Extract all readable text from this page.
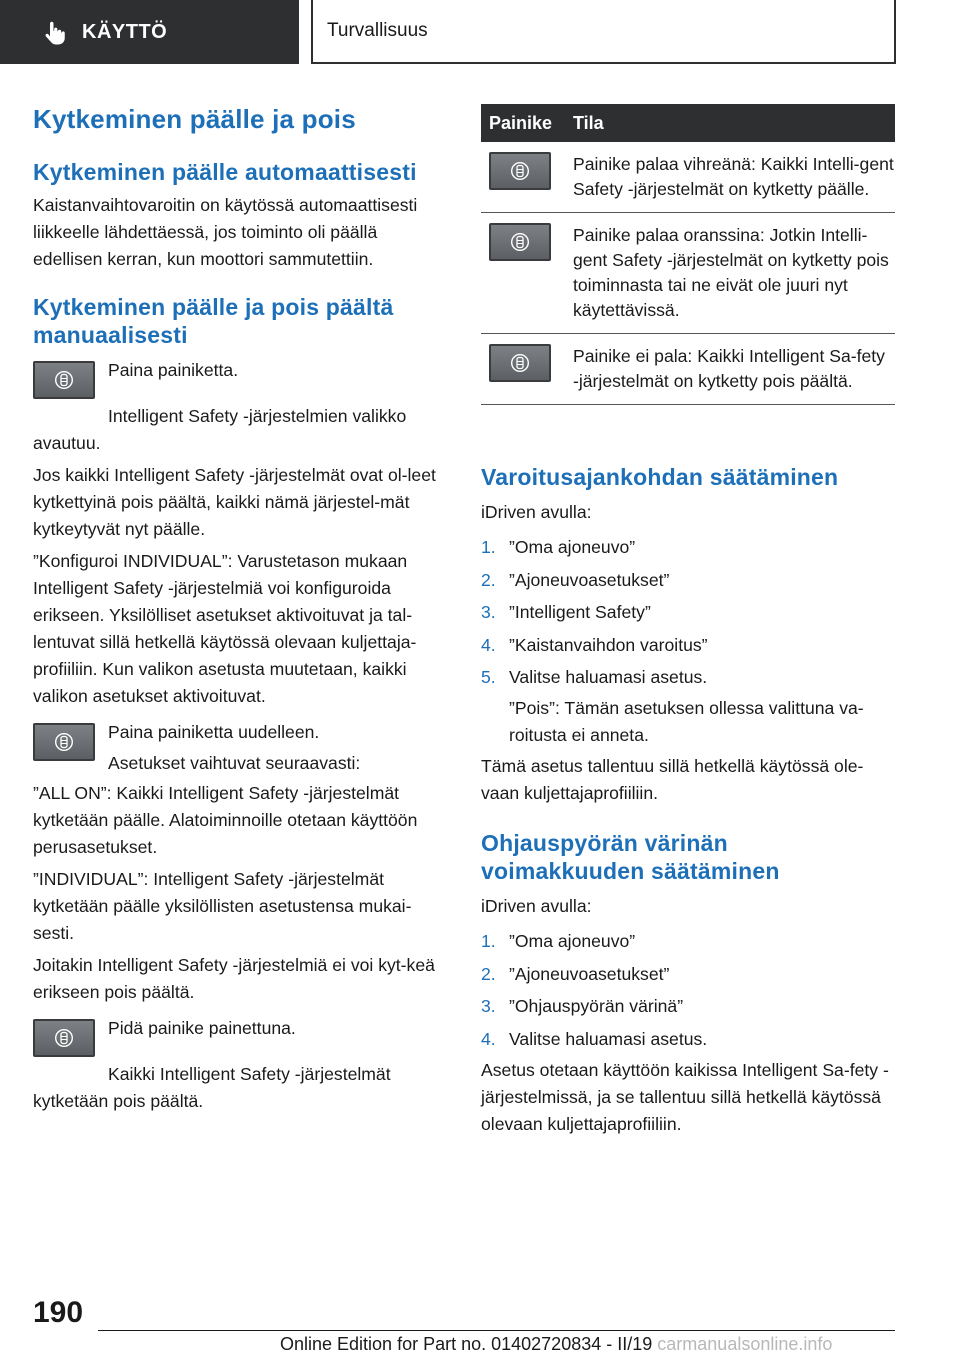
KÄYTTÖ	Turvallisuus
Kytkeminen päälle ja pois
Kytkeminen päälle automaattisesti

Kaistanvaihtovaroitin on käytössä automaattisesti liikkeelle lähdettäessä, jos toiminto oli päällä edellisen kerran, kun moottori sammutettiin.

Kytkeminen päälle ja pois päältä manuaalisesti

Paina painiketta.

Intelligent Safety -järjestelmien valikko avautuu.

Jos kaikki Intelligent Safety -järjestelmät ovat ol-leet kytkettyinä pois päältä, kaikki nämä järjestel-mät kytkeytyvät nyt päälle.

”Konfiguroi INDIVIDUAL”: Varustetason mukaan Intelligent Safety -järjestelmiä voi konfiguroida erikseen. Yksilölliset asetukset aktivoituvat ja tal-lentuvat sillä hetkellä käytössä olevaan kuljettaja-profiiliin. Kun valikon asetusta muutetaan, kaikki valikon asetukset aktivoituvat.

Paina painiketta uudelleen.

Asetukset vaihtuvat seuraavasti:

”ALL ON”: Kaikki Intelligent Safety -järjestelmät kytketään päälle. Alatoiminnoille otetaan käyttöön perusasetukset.

”INDIVIDUAL”: Intelligent Safety -järjestelmät kytketään päälle yksilöllisten asetustensa mukai-sesti.

Joitakin Intelligent Safety -järjestelmiä ei voi kyt-keä erikseen pois päältä.

Pidä painike painettuna.

Kaikki Intelligent Safety -järjestelmät kytketään pois päältä.

Painike	Tila
Painike palaa vihreänä: Kaikki Intelli-gent Safety -järjestelmät on kytketty päälle.
Painike palaa oranssina: Jotkin Intelli-gent Safety -järjestelmät on kytketty pois toiminnasta tai ne eivät ole juuri nyt käytettävissä.
Painike ei pala: Kaikki Intelligent Sa-fety -järjestelmät on kytketty pois päältä.
Varoitusajankohdan säätäminen

iDriven avulla:

1. ”Oma ajoneuvo”
2. ”Ajoneuvoasetukset”
3. ”Intelligent Safety”
4. ”Kaistanvaihdon varoitus”
5. Valitse haluamasi asetus.

”Pois”: Tämän asetuksen ollessa valittuna va-roitusta ei anneta.

Tämä asetus tallentuu sillä hetkellä käytössä ole-vaan kuljettajaprofiiliin.

Ohjauspyörän värinän voimakkuuden säätäminen

iDriven avulla:

1. ”Oma ajoneuvo”
2. ”Ajoneuvoasetukset”
3. ”Ohjauspyörän värinä”
4. Valitse haluamasi asetus.

Asetus otetaan käyttöön kaikissa Intelligent Sa-fety -järjestelmissä, ja se tallentuu sillä hetkellä käytössä olevaan kuljettajaprofiiliin.

190
Online Edition for Part no. 01402720834 - II/19 carmanualsonline.info
